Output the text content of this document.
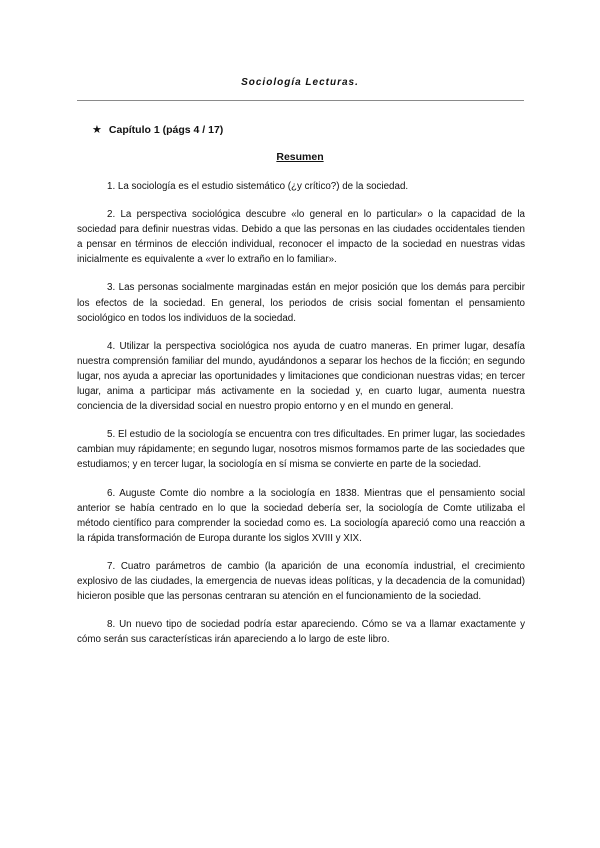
Sociología Lecturas.
★ Capítulo 1 (págs 4 / 17)
Resumen

1. La sociología es el estudio sistemático (¿y crítico?) de la sociedad.

2. La perspectiva sociológica descubre «lo general en lo particular» o la capacidad de la sociedad para definir nuestras vidas. Debido a que las personas en las ciudades occidentales tienden a pensar en términos de elección individual, reconocer el impacto de la sociedad en nuestras vidas inicialmente es equivalente a «ver lo extraño en lo familiar».

3. Las personas socialmente marginadas están en mejor posición que los demás para percibir los efectos de la sociedad. En general, los periodos de crisis social fomentan el pensamiento sociológico en todos los individuos de la sociedad.

4. Utilizar la perspectiva sociológica nos ayuda de cuatro maneras. En primer lugar, desafía nuestra comprensión familiar del mundo, ayudándonos a separar los hechos de la ficción; en segundo lugar, nos ayuda a apreciar las oportunidades y limitaciones que condicionan nuestras vidas; en tercer lugar, anima a participar más activamente en la sociedad y, en cuarto lugar, aumenta nuestra conciencia de la diversidad social en nuestro propio entorno y en el mundo en general.

5. El estudio de la sociología se encuentra con tres dificultades. En primer lugar, las sociedades cambian muy rápidamente; en segundo lugar, nosotros mismos formamos parte de las sociedades que estudiamos; y en tercer lugar, la sociología en sí misma se convierte en parte de la sociedad.

6. Auguste Comte dio nombre a la sociología en 1838. Mientras que el pensamiento social anterior se había centrado en lo que la sociedad debería ser, la sociología de Comte utilizaba el método científico para comprender la sociedad como es. La sociología apareció como una reacción a la rápida transformación de Europa durante los siglos XVIII y XIX.

7. Cuatro parámetros de cambio (la aparición de una economía industrial, el crecimiento explosivo de las ciudades, la emergencia de nuevas ideas políticas, y la decadencia de la comunidad) hicieron posible que las personas centraran su atención en el funcionamiento de la sociedad.

8. Un nuevo tipo de sociedad podría estar apareciendo. Cómo se va a llamar exactamente y cómo serán sus características irán apareciendo a lo largo de este libro.
